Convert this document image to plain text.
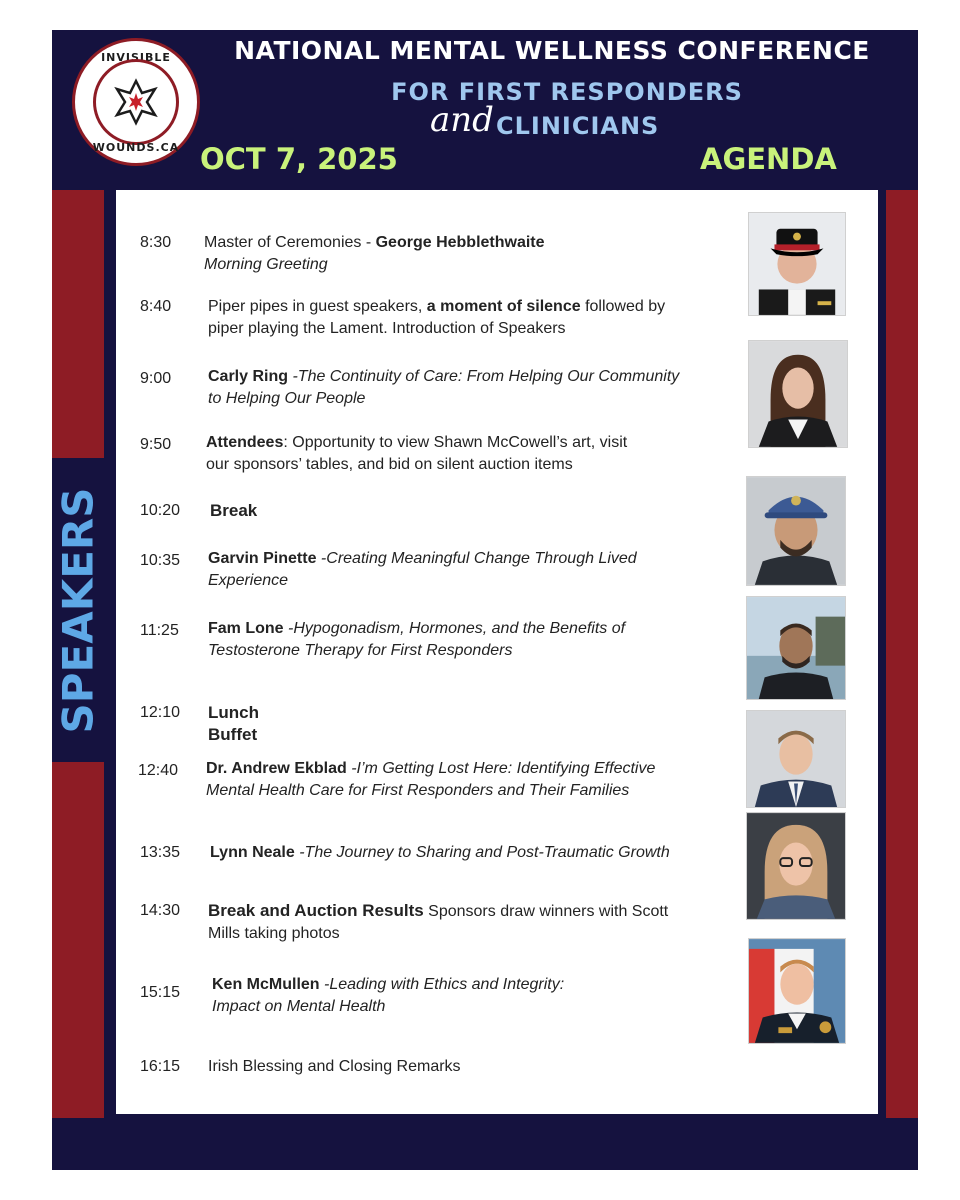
SPEAKERS
INVISIBLE
WOUNDS.CA
NATIONAL MENTAL WELLNESS CONFERENCE
FOR FIRST RESPONDERS
and CLINICIANS
OCT 7, 2025	AGENDA
8:30	Master of Ceremonies - George Hebblethwaite
Morning Greeting
8:40	Piper pipes in guest speakers, a moment of silence followed by
piper playing the Lament. Introduction of Speakers
9:00	Carly Ring -The Continuity of Care: From Helping Our Community
to Helping Our People
9:50	Attendees: Opportunity to view Shawn McCowell’s art, visit
our sponsors’ tables, and bid on silent auction items
10:20	Break
10:35	Garvin Pinette -Creating Meaningful Change Through Lived
Experience
11:25	Fam Lone -Hypogonadism, Hormones, and the Benefits of
Testosterone Therapy for First Responders
12:10	Lunch Buffet
12:40	Dr. Andrew Ekblad -I’m Getting Lost Here: Identifying Effective
Mental Health Care for First Responders and Their Families
13:35	Lynn Neale -The Journey to Sharing and Post-Traumatic Growth
14:30	Break and Auction Results Sponsors draw winners with Scott
Mills taking photos
15:15	Ken McMullen -Leading with Ethics and Integrity:
Impact on Mental Health
16:15	Irish Blessing and Closing Remarks
